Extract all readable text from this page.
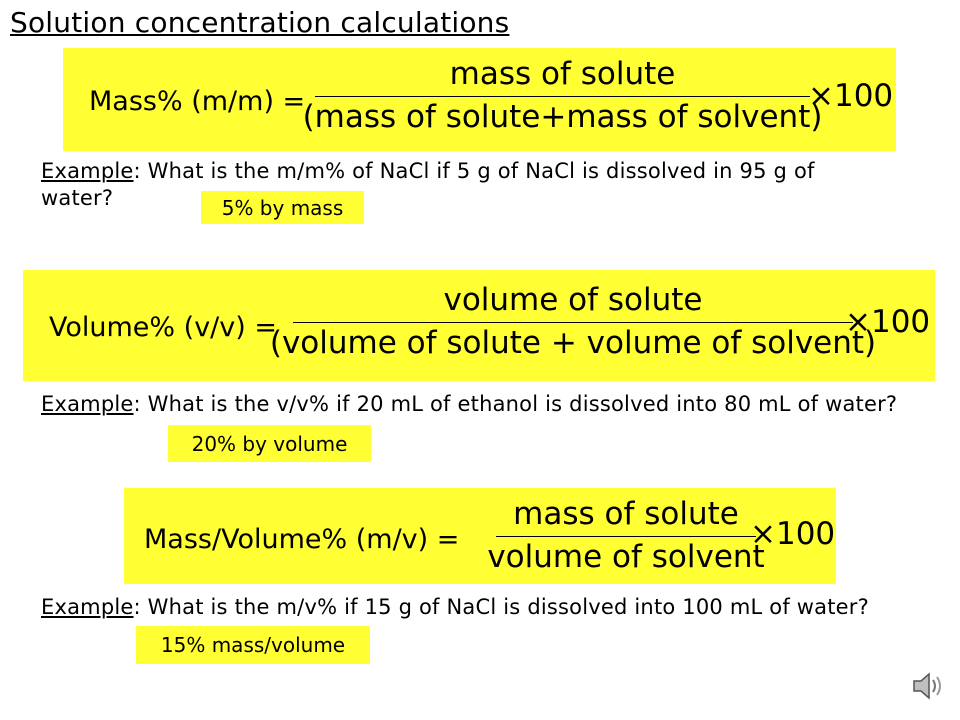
Solution concentration calculations
Mass% (m/m) =
mass of solute
(mass of solute+mass of solvent)
×100
Example: What is the m/m% of NaCl if 5 g of NaCl is dissolved in 95 g of water?	5% by mass
Volume% (v/v) =
volume of solute
(volume of solute + volume of solvent)
×100
Example: What is the v/v% if 20 mL of ethanol is dissolved into 80 mL of water?
20% by volume
Mass/Volume% (m/v) =
mass of solute
volume of solvent
×100
Example: What is the m/v% if 15 g of NaCl is dissolved into 100 mL of water?
15% mass/volume
